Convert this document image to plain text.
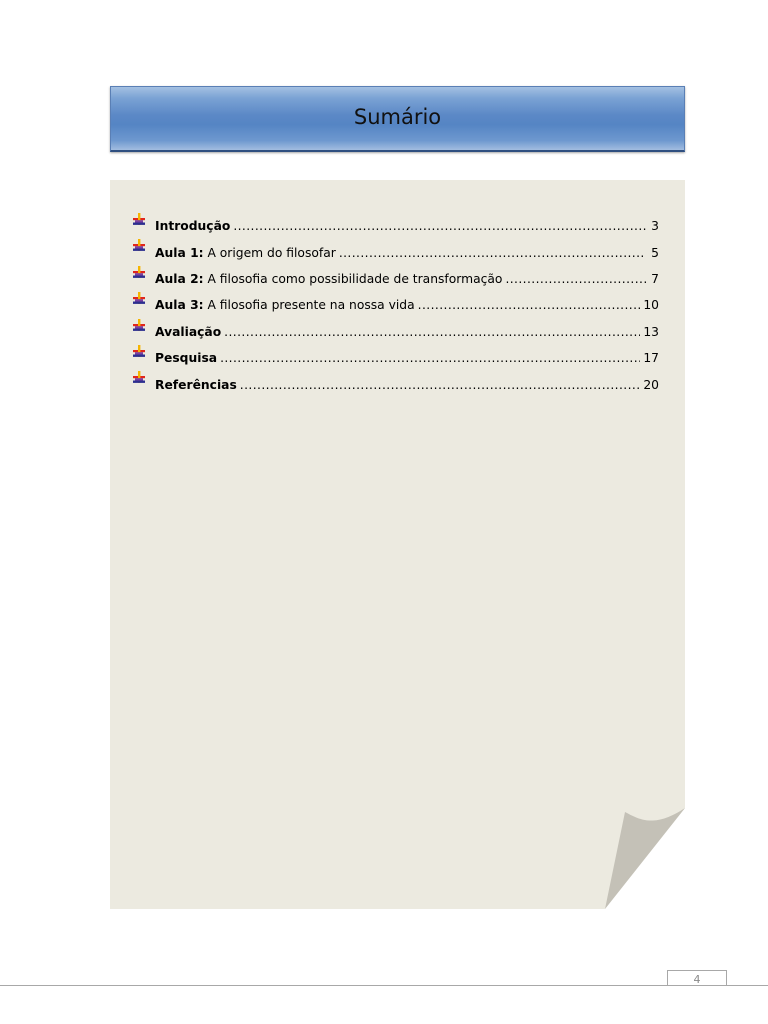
Sumário
Introdução .....	3
Aula 1: A origem do filosofar .....	5
Aula 2: A filosofia como possibilidade de transformação .....	7
Aula 3: A filosofia presente na nossa vida .....	10
Avaliação .....	13
Pesquisa .....	17
Referências .....	20
4
